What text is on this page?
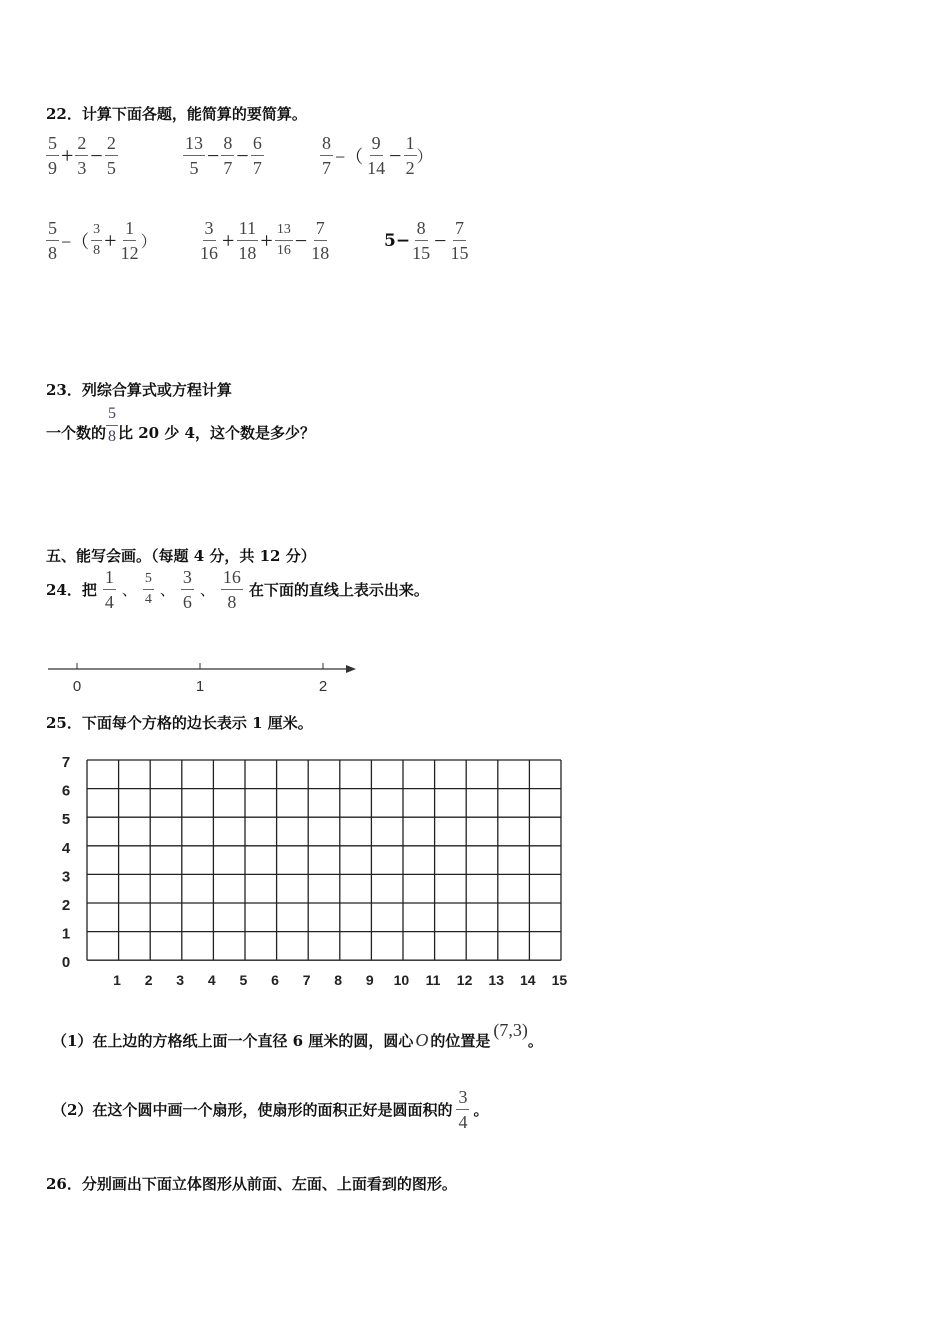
22．计算下面各题，能简算的要简算。
$\frac{5}{9} + \frac{2}{3} - \frac{2}{5}$	$\frac{13}{5} - \frac{8}{7} - \frac{6}{7}$	$\frac{8}{7}$ −（ $\frac{9}{14} - \frac{1}{2}$ ）
$\frac{5}{8}$ −（ $\frac{3}{8} + \frac{1}{12}$ ） $\frac{3}{16} + \frac{11}{18} + \frac{13}{16} - \frac{7}{18}$	$5- \frac{8}{15} - \frac{7}{15}$
23．列综合算式或方程计算
一个数的 $\frac{5}{8}$ 比 20 少 4，这个数是多少？
五、能写会画。（每题 4 分，共 12 分）
24．把 $\frac{1}{4}$ 、 $\frac{5}{4}$ 、 $\frac{3}{6}$ 、 $\frac{16}{8}$ 在下面的直线上表示出来。
0	1	2
25．下面每个方格的边长表示 1 厘米。
0
1
2
3
4
5
6
7
1 2 3 4 5 6 7 8 9 10 11 12 13 14 15
（1）在上边的方格纸上面一个直径 6 厘米的圆，圆心 O 的位置是
(7,3)
。
（2）在这个圆中画一个扇形，使扇形的面积正好是圆面积的 $\frac{3}{4}$ 。
26．分别画出下面立体图形从前面、左面、上面看到的图形。
